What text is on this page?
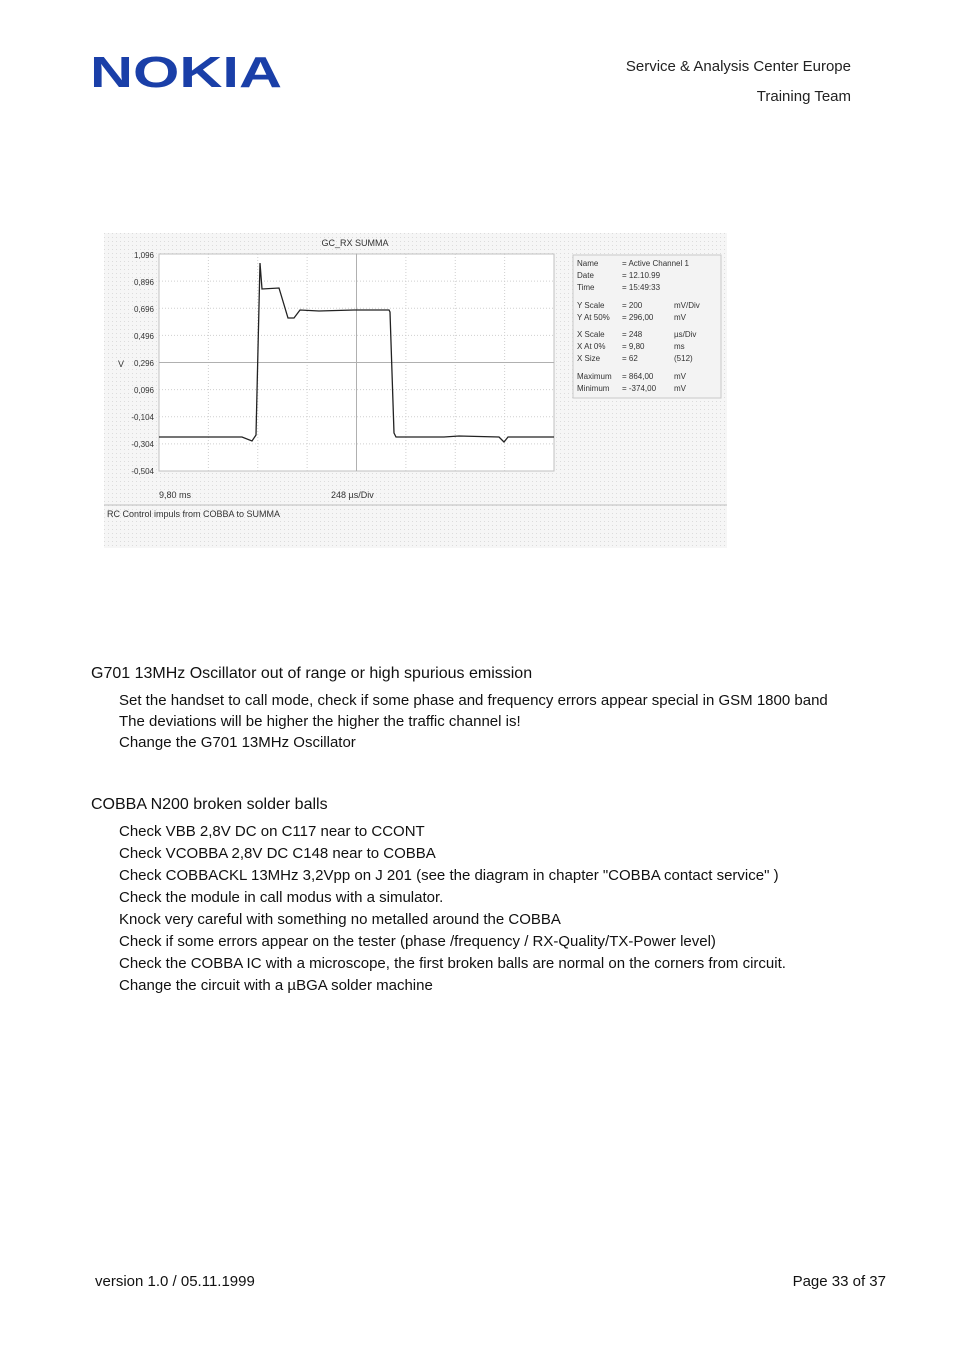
NOKIA	Service & Analysis Center Europe
Training Team
GC_RX SUMMA
V
1,096
0,896
0,696
0,496
0,296
0,096
-0,104
-0,304
-0,504
9,80 ms	248 µs/Div
RC Control impuls from COBBA to SUMMA
Name	= Active Channel 1
Date	= 12.10.99
Time	= 15:49:33
Y Scale = 200	mV/Div
Y At 50% = 296,00	mV
X Scale = 248	µs/Div
X At 0% = 9,80	ms
X Size	= 62	(512)
Maximum = 864,00	mV
Minimum = -374,00 mV
G701 13MHz Oscillator out of range or high spurious emission
Set the handset to call mode, check if some phase and frequency errors appear special in GSM 1800 band
The deviations will be higher the higher the traffic channel is!
Change the G701 13MHz Oscillator
COBBA N200 broken solder balls
Check VBB 2,8V DC on C117 near to CCONT
Check VCOBBA 2,8V DC C148 near to COBBA
Check COBBACKL 13MHz 3,2Vpp on J 201 (see the diagram in chapter "COBBA contact service" )
Check the module in call modus with a simulator.
Knock very careful with something no metalled around the COBBA
Check if some errors appear on the tester (phase /frequency / RX-Quality/TX-Power level)
Check the COBBA IC with a microscope, the first broken balls are normal on the corners from circuit.
Change the circuit with a µBGA solder machine
version 1.0 / 05.11.1999	Page 33 of 37
